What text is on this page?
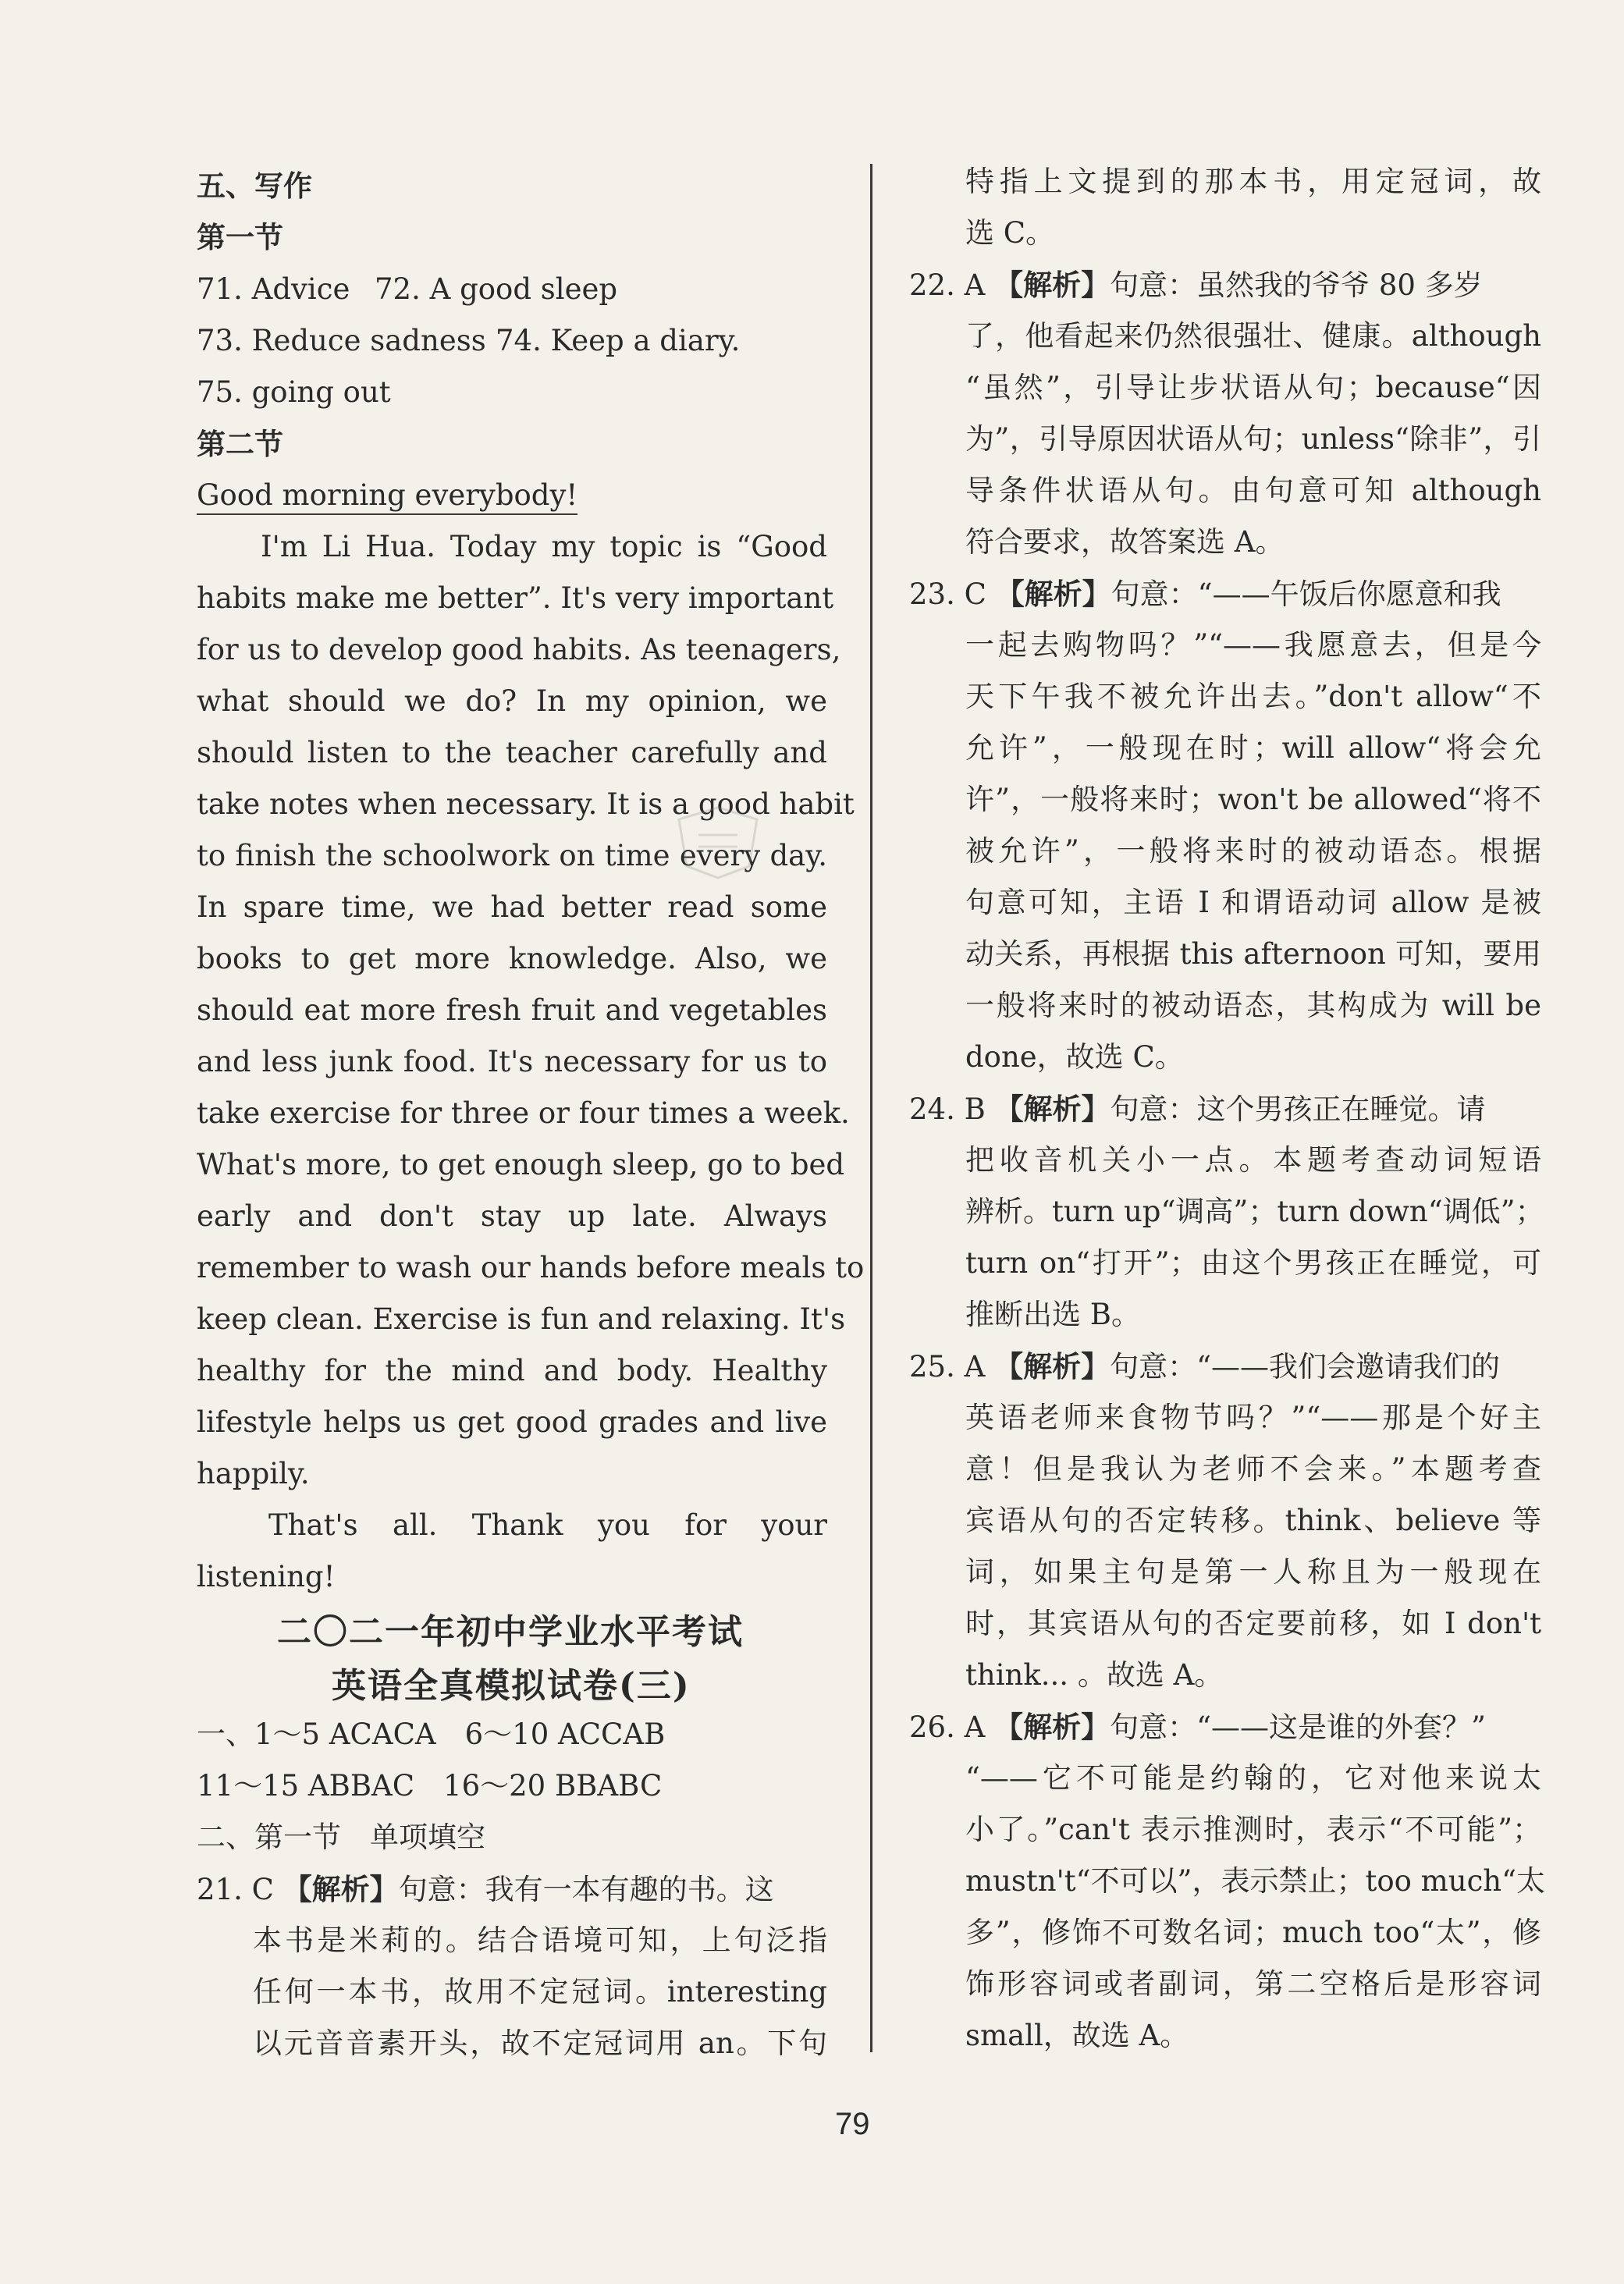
五、写作
第一节
71. Advice 72. A good sleep
73. Reduce sadness 74. Keep a diary.
75. going out
第二节
Good morning everybody!
I'm Li Hua. Today my topic is “Good
habits make me better”. It's very important
for us to develop good habits. As teenagers,
what should we do? In my opinion, we
should listen to the teacher carefully and
take notes when necessary. It is a good habit
to finish the schoolwork on time every day.
In spare time, we had better read some
books to get more knowledge. Also, we
should eat more fresh fruit and vegetables
and less junk food. It's necessary for us to
take exercise for three or four times a week.
What's more, to get enough sleep, go to bed
early and don't stay up late. Always
remember to wash our hands before meals to
keep clean. Exercise is fun and relaxing. It's
healthy for the mind and body. Healthy
lifestyle helps us get good grades and live
happily.
That's all. Thank you for your
listening!
二〇二一年初中学业水平考试
英语全真模拟试卷(三)
一、1～5 ACACA　6～10 ACCAB
11～15 ABBAC　16～20 BBABC
二、第一节　单项填空
21. C 【解析】句意：我有一本有趣的书。这
本书是米莉的。结合语境可知，上句泛指
任何一本书，故用不定冠词。interesting
以元音音素开头，故不定冠词用 an。下句
特指上文提到的那本书，用定冠词，故
选 C。
22. A 【解析】句意：虽然我的爷爷 80 多岁
了，他看起来仍然很强壮、健康。although
“虽然”，引导让步状语从句；because“因
为”，引导原因状语从句；unless“除非”，引
导条件状语从句。由句意可知 although
符合要求，故答案选 A。
23. C 【解析】句意：“——午饭后你愿意和我
一起去购物吗？”“——我愿意去，但是今
天下午我不被允许出去。”don't allow“不
允许”，一般现在时；will allow“将会允
许”，一般将来时；won't be allowed“将不
被允许”，一般将来时的被动语态。根据
句意可知，主语 I 和谓语动词 allow 是被
动关系，再根据 this afternoon 可知，要用
一般将来时的被动语态，其构成为 will be
done，故选 C。
24. B 【解析】句意：这个男孩正在睡觉。请
把收音机关小一点。本题考查动词短语
辨析。turn up“调高”；turn down“调低”；
turn on“打开”；由这个男孩正在睡觉，可
推断出选 B。
25. A 【解析】句意：“——我们会邀请我们的
英语老师来食物节吗？”“——那是个好主
意！但是我认为老师不会来。”本题考查
宾语从句的否定转移。think、believe 等
词，如果主句是第一人称且为一般现在
时，其宾语从句的否定要前移，如 I don't
think... 。故选 A。
26. A 【解析】句意：“——这是谁的外套？”
“——它不可能是约翰的，它对他来说太
小了。”can't 表示推测时，表示“不可能”；
mustn't“不可以”，表示禁止；too much“太
多”，修饰不可数名词；much too“太”，修
饰形容词或者副词，第二空格后是形容词
small，故选 A。
79
